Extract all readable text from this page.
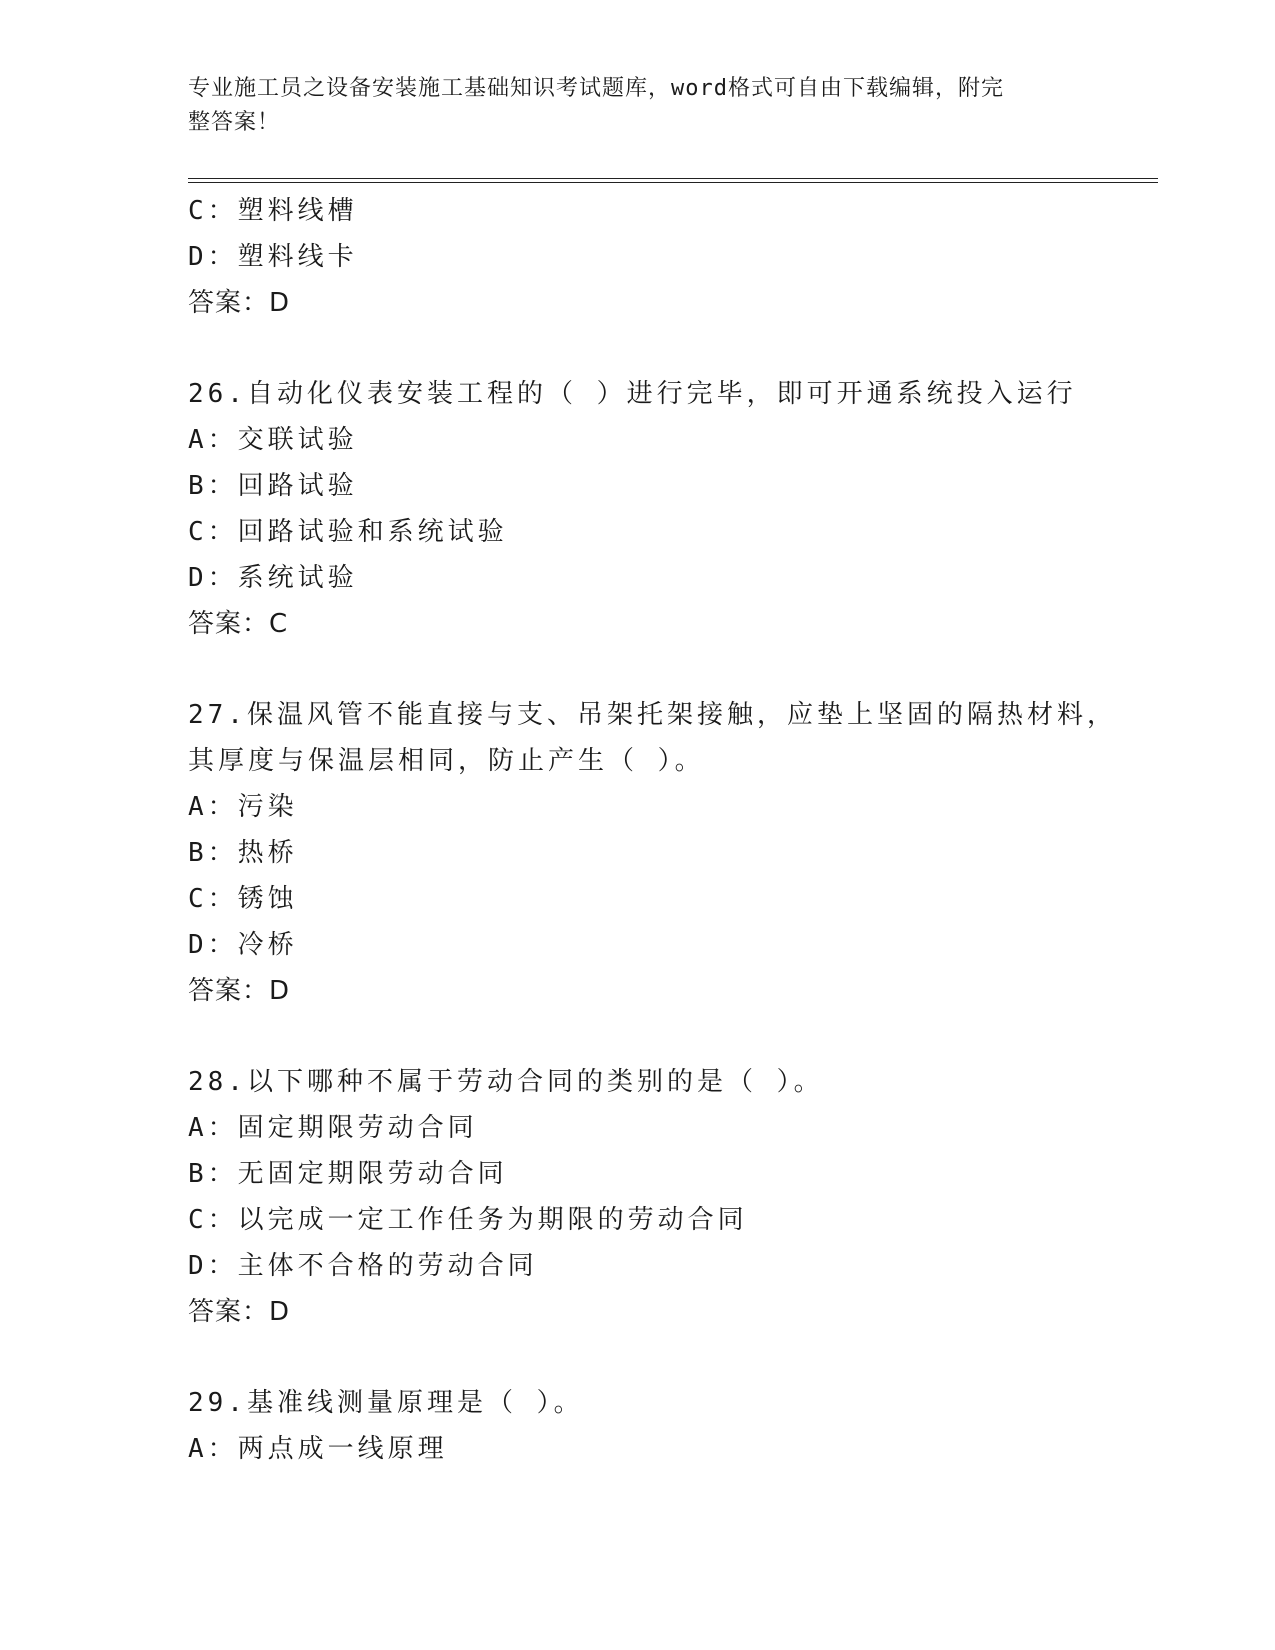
专业施工员之设备安装施工基础知识考试题库，word格式可自由下载编辑，附完
整答案！
C：塑料线槽
D：塑料线卡
答案：D
26.自动化仪表安装工程的（ ）进行完毕，即可开通系统投入运行
A：交联试验
B：回路试验
C：回路试验和系统试验
D：系统试验
答案：C
27.保温风管不能直接与支、吊架托架接触，应垫上坚固的隔热材料，
其厚度与保温层相同，防止产生（ ）。
A：污染
B：热桥
C：锈蚀
D：冷桥
答案：D
28.以下哪种不属于劳动合同的类别的是（ ）。
A：固定期限劳动合同
B：无固定期限劳动合同
C：以完成一定工作任务为期限的劳动合同
D：主体不合格的劳动合同
答案：D
29.基准线测量原理是（ ）。
A：两点成一线原理
